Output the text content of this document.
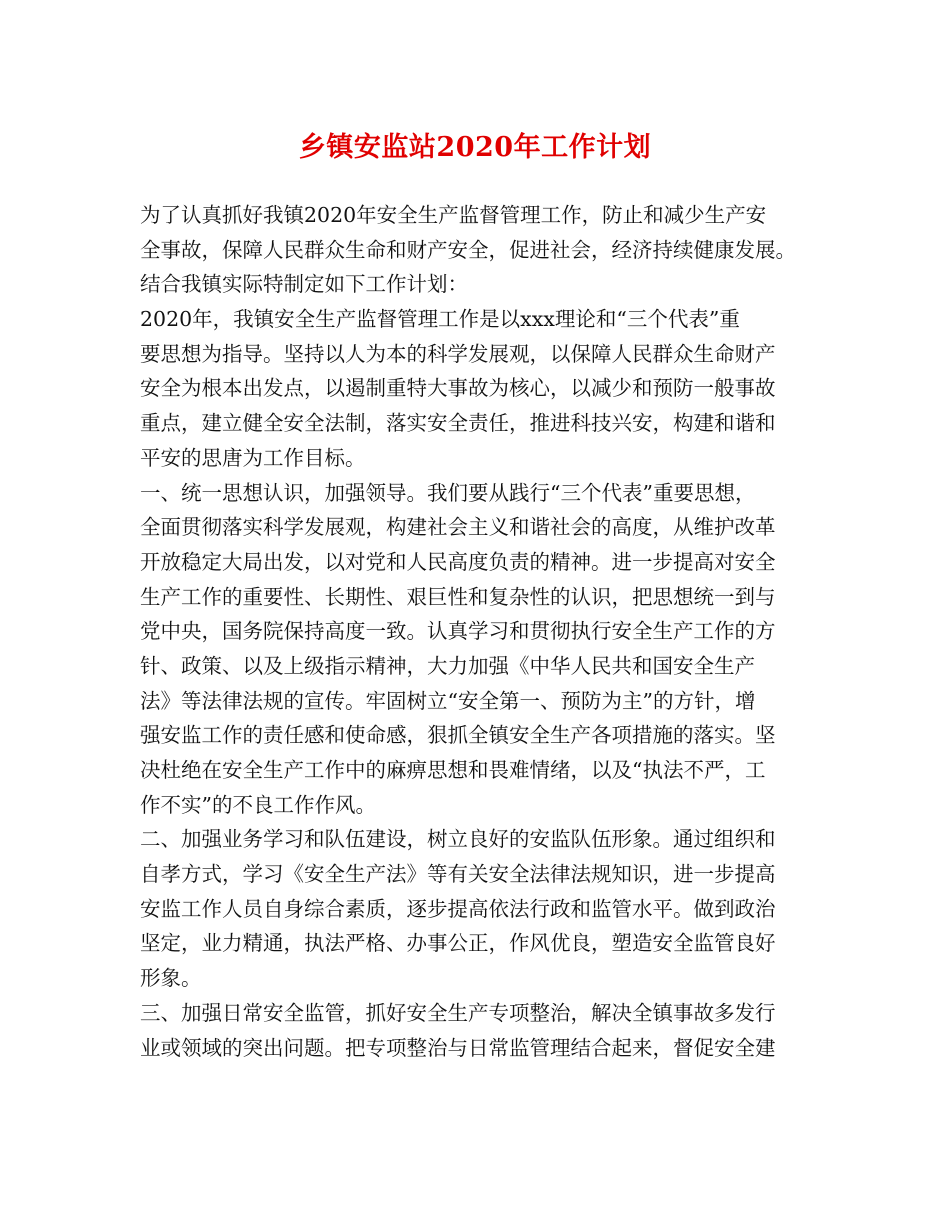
乡镇安监站2020年工作计划
为了认真抓好我镇2020年安全生产监督管理工作，防止和减少生产安
全事故，保障人民群众生命和财产安全，促进社会，经济持续健康发展。
结合我镇实际特制定如下工作计划：
2020年，我镇安全生产监督管理工作是以xxx理论和“三个代表”重
要思想为指导。坚持以人为本的科学发展观，以保障人民群众生命财产
安全为根本出发点，以遏制重特大事故为核心，以减少和预防一般事故
重点，建立健全安全法制，落实安全责任，推进科技兴安，构建和谐和
平安的思唐为工作目标。
一、统一思想认识，加强领导。我们要从践行“三个代表”重要思想，
全面贯彻落实科学发展观，构建社会主义和谐社会的高度，从维护改革
开放稳定大局出发，以对党和人民高度负责的精神。进一步提高对安全
生产工作的重要性、长期性、艰巨性和复杂性的认识，把思想统一到与
党中央，国务院保持高度一致。认真学习和贯彻执行安全生产工作的方
针、政策、以及上级指示精神，大力加强《中华人民共和国安全生产
法》等法律法规的宣传。牢固树立“安全第一、预防为主”的方针，增
强安监工作的责任感和使命感，狠抓全镇安全生产各项措施的落实。坚
决杜绝在安全生产工作中的麻痹思想和畏难情绪，以及“执法不严，工
作不实”的不良工作作风。
二、加强业务学习和队伍建设，树立良好的安监队伍形象。通过组织和
自孝方式，学习《安全生产法》等有关安全法律法规知识，进一步提高
安监工作人员自身综合素质，逐步提高依法行政和监管水平。做到政治
坚定，业力精通，执法严格、办事公正，作风优良，塑造安全监管良好
形象。
三、加强日常安全监管，抓好安全生产专项整治，解决全镇事故多发行
业或领域的突出问题。把专项整治与日常监管理结合起来，督促安全建
